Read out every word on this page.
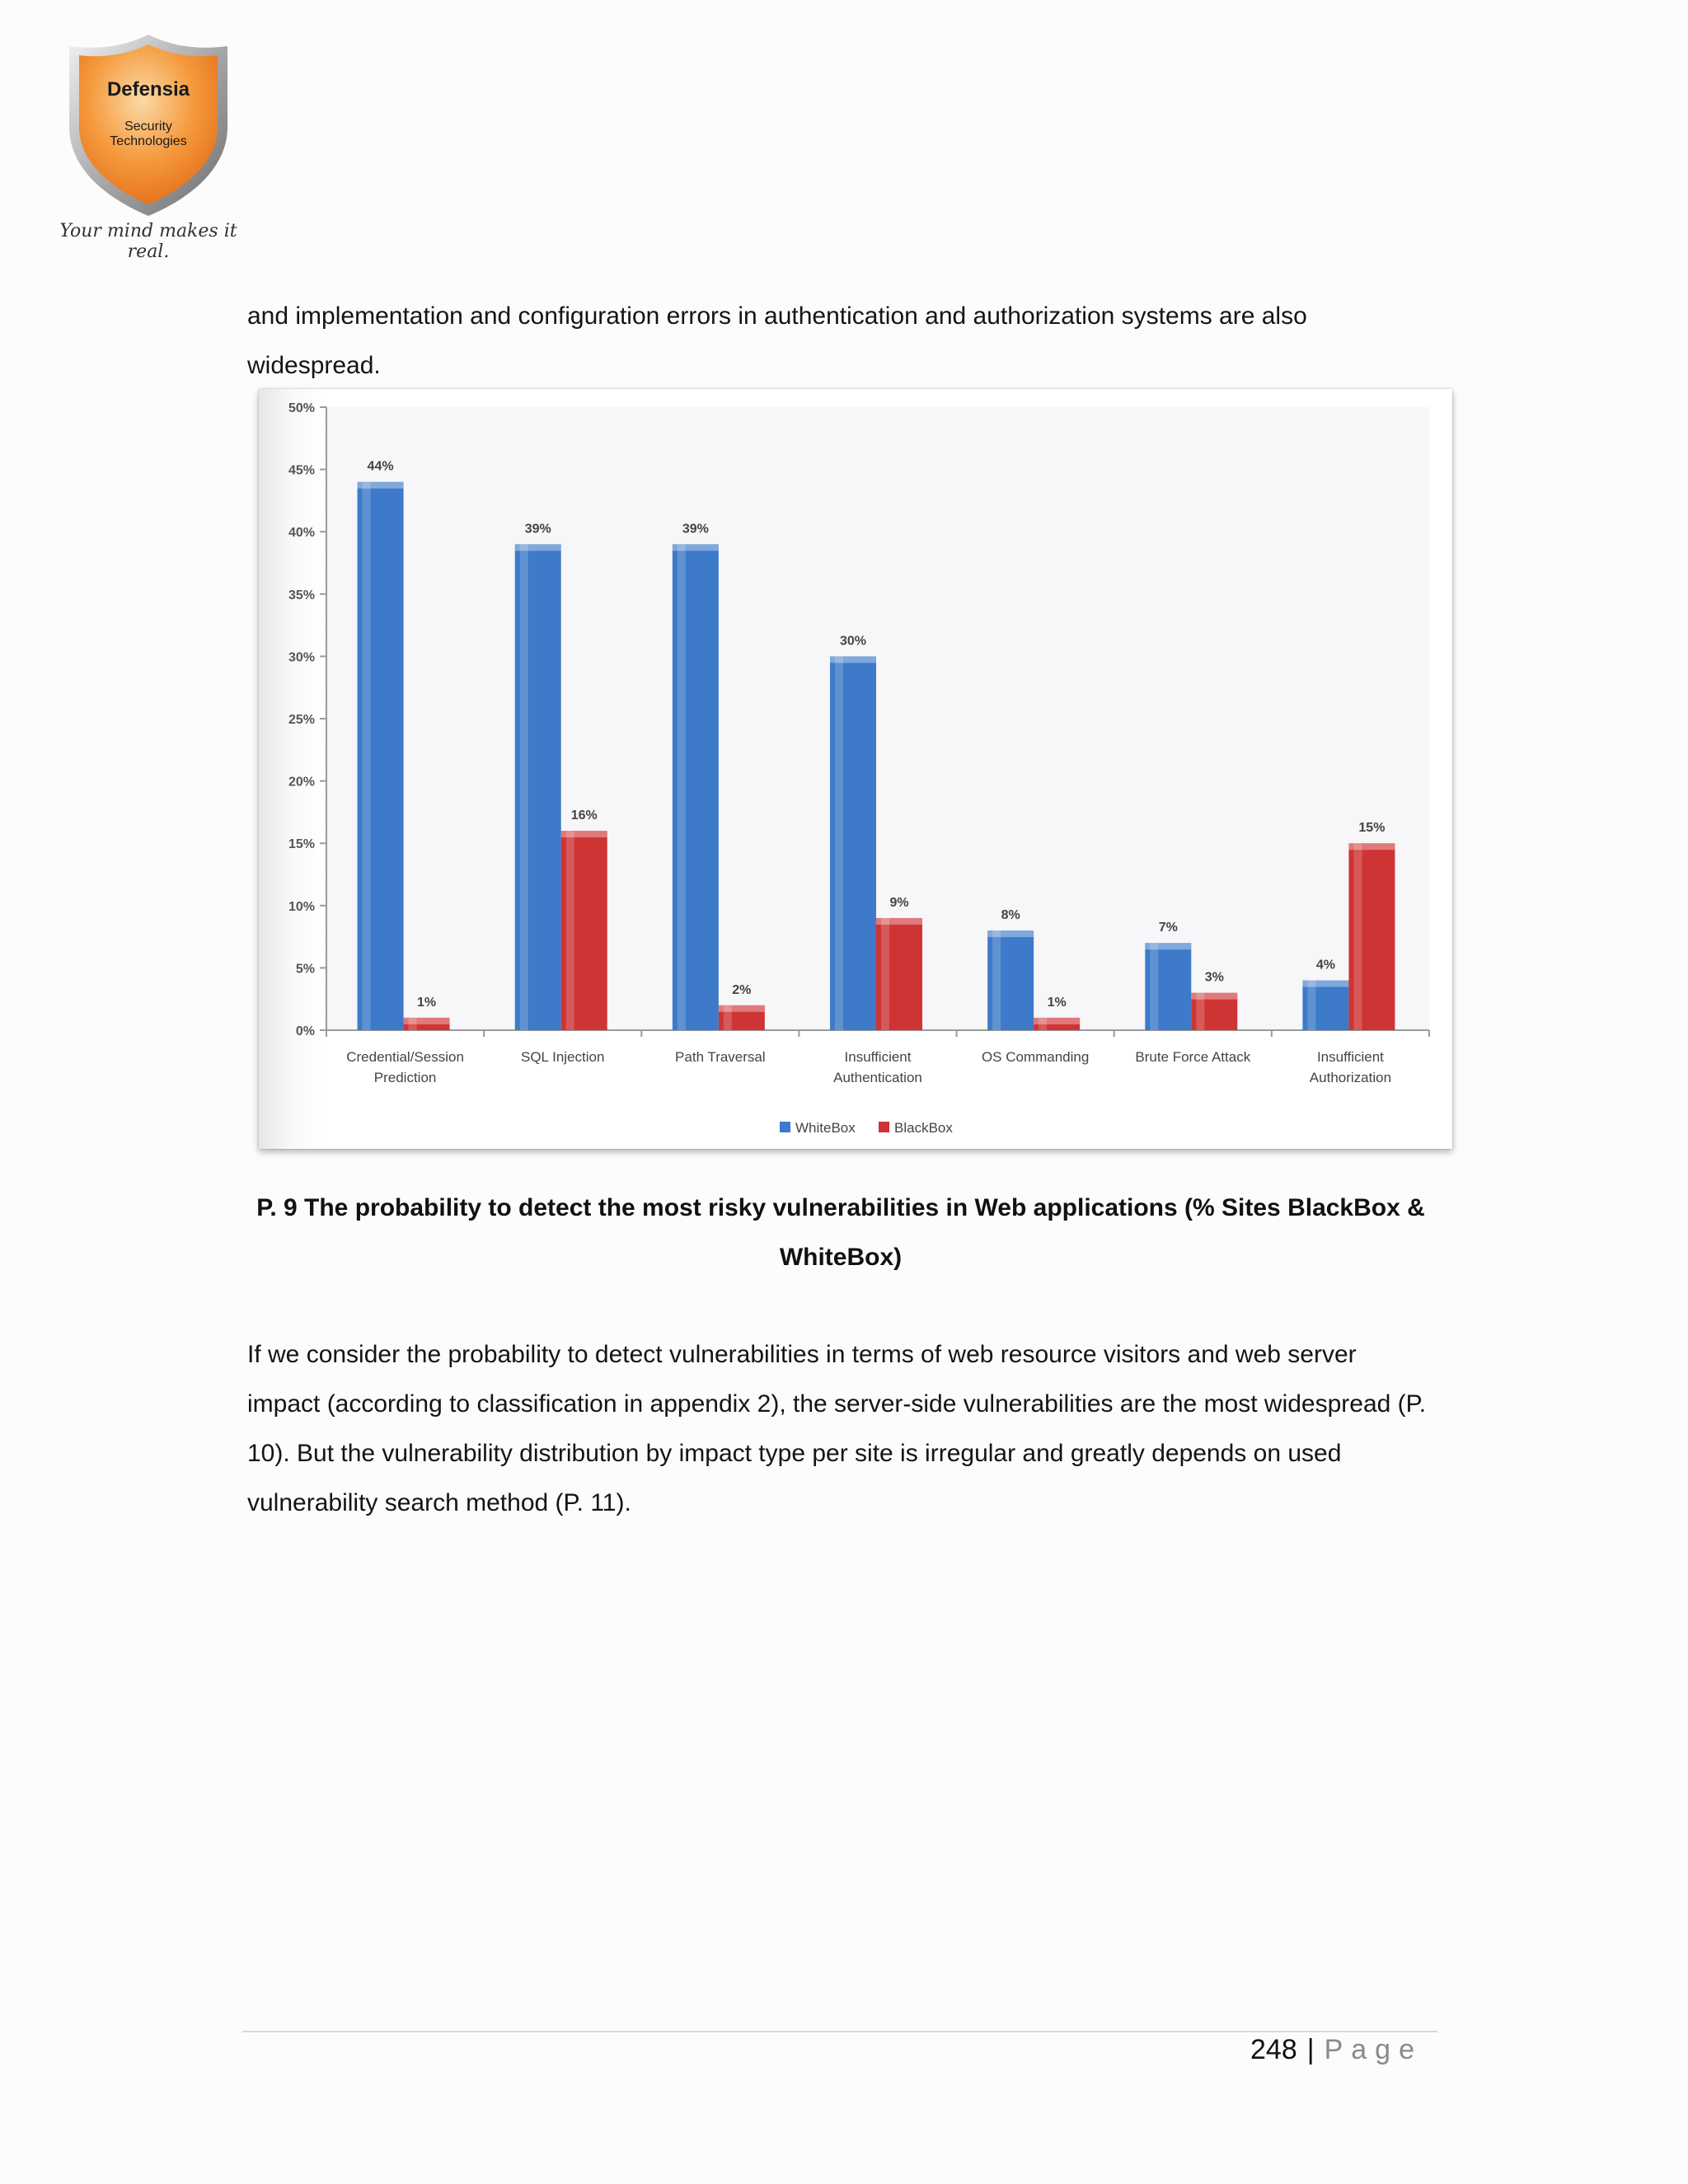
Defensia
Security
Technologies
Your mind makes it real.

and implementation and configuration errors in authentication and authorization systems are also widespread.

0%
5%
10%
15%
20%
25%
30%
35%
40%
45%
50%
44%
39%	39%
30%
8%
7%
4%
1%
16%
2%
9%
1%
3%
15%
Credential/Session
Prediction
SQL Injection	Path Traversal	Insufficient
Authentication
OS Commanding	Brute Force Attack	Insufficient
Authorization
WhiteBox	BlackBox

P. 9 The probability to detect the most risky vulnerabilities in Web applications (% Sites BlackBox & WhiteBox)

If we consider the probability to detect vulnerabilities in terms of web resource visitors and web server impact (according to classification in appendix 2), the server-side vulnerabilities are the most widespread (P. 10). But the vulnerability distribution by impact type per site is irregular and greatly depends on used vulnerability search method (P. 11).

248 | Page
